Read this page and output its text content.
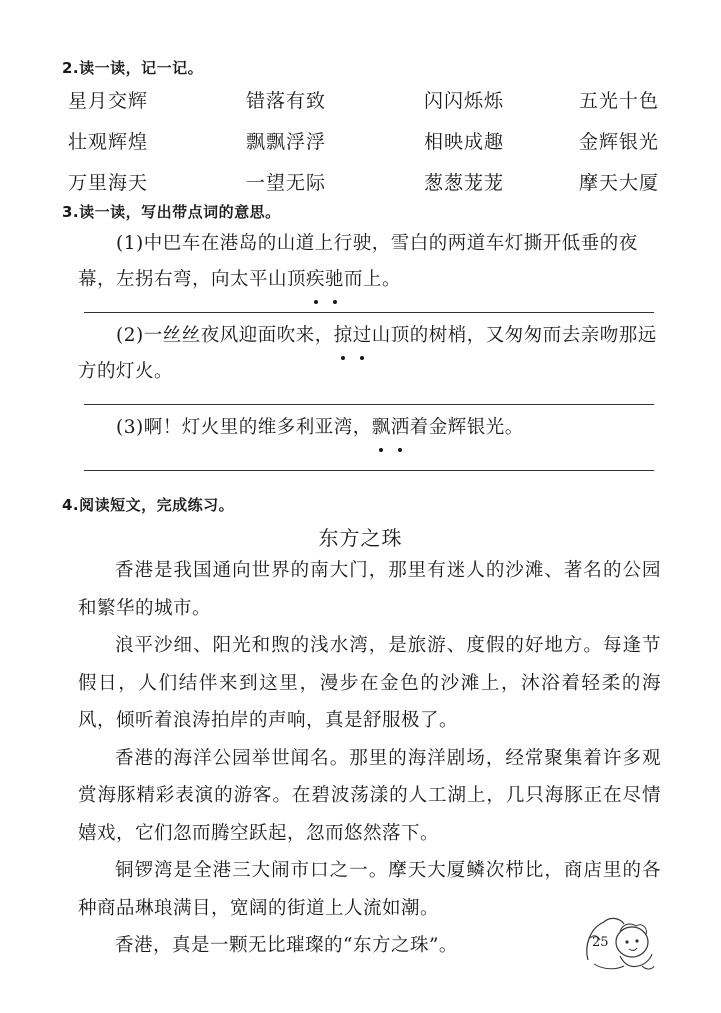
2.读一读，记一记。
星月交辉	错落有致	闪闪烁烁	五光十色
壮观辉煌	飘飘浮浮	相映成趣	金辉银光
万里海天	一望无际	葱葱茏茏	摩天大厦
3.读一读，写出带点词的意思。
(1)中巴车在港岛的山道上行驶，雪白的两道车灯撕开低垂的夜幕，左拐右弯，向太平山顶疾驰而上。
(2)一丝丝夜风迎面吹来，掠过山顶的树梢，又匆匆而去亲吻那远方的灯火。
(3)啊！灯火里的维多利亚湾，飘洒着金辉银光。
4.阅读短文，完成练习。
东方之珠

香港是我国通向世界的南大门，那里有迷人的沙滩、著名的公园和繁华的城市。

浪平沙细、阳光和煦的浅水湾，是旅游、度假的好地方。每逢节假日，人们结伴来到这里，漫步在金色的沙滩上，沐浴着轻柔的海风，倾听着浪涛拍岸的声响，真是舒服极了。

香港的海洋公园举世闻名。那里的海洋剧场，经常聚集着许多观赏海豚精彩表演的游客。在碧波荡漾的人工湖上，几只海豚正在尽情嬉戏，它们忽而腾空跃起，忽而悠然落下。

铜锣湾是全港三大闹市口之一。摩天大厦鳞次栉比，商店里的各种商品琳琅满目，宽阔的街道上人流如潮。

香港，真是一颗无比璀璨的“东方之珠”。	25
